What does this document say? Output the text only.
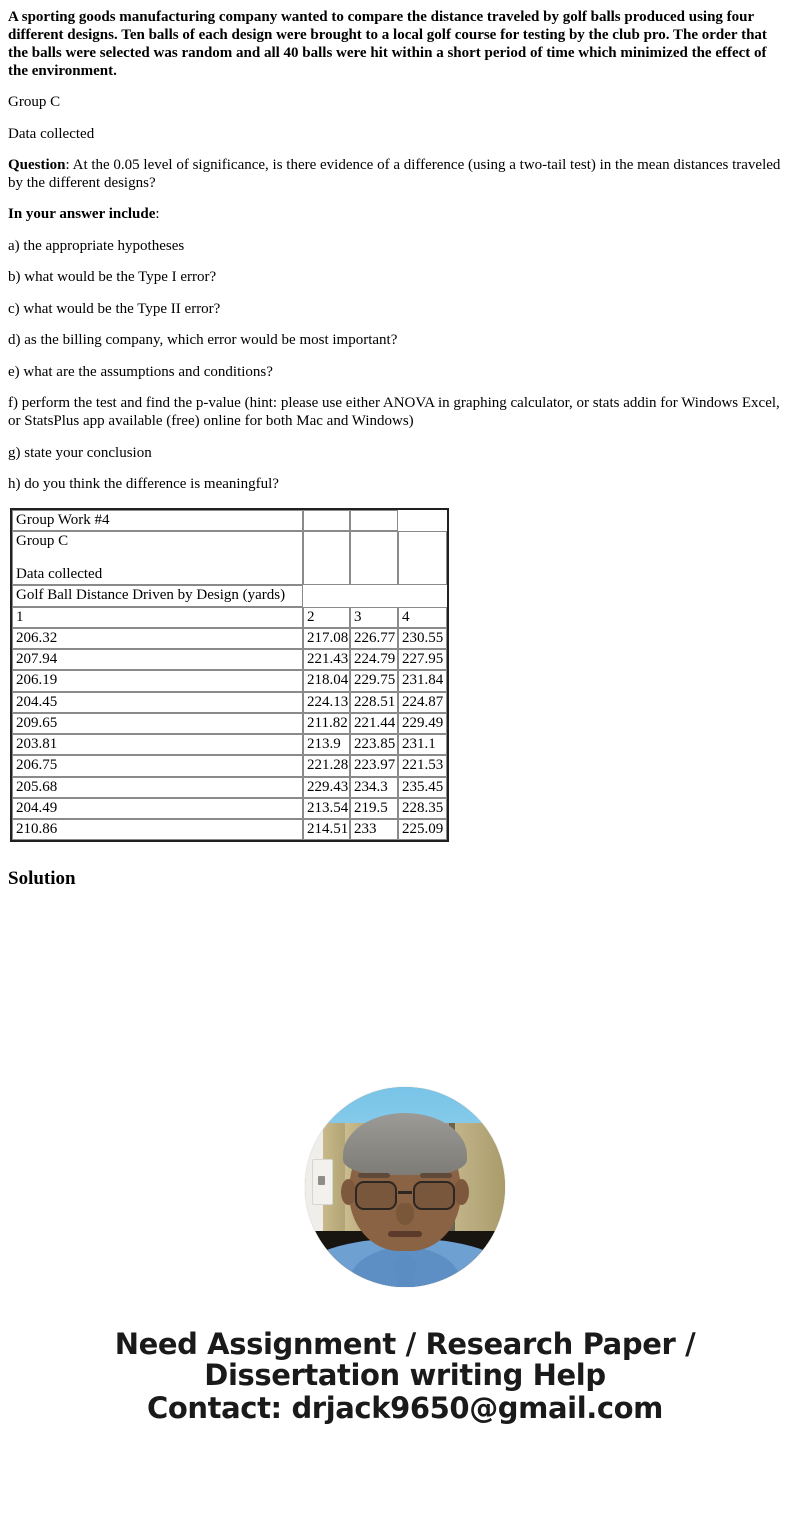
A sporting goods manufacturing company wanted to compare the distance traveled by golf balls produced using four different designs. Ten balls of each design were brought to a local golf course for testing by the club pro. The order that the balls were selected was random and all 40 balls were hit within a short period of time which minimized the effect of the environment.

Group C

Data collected

Question: At the 0.05 level of significance, is there evidence of a difference (using a two-tail test) in the mean distances traveled by the different designs?

In your answer include:

a) the appropriate hypotheses

b) what would be the Type I error?

c) what would be the Type II error?

d) as the billing company, which error would be most important?

e) what are the assumptions and conditions?

f) perform the test and find the p-value (hint: please use either ANOVA in graphing calculator, or stats addin for Windows Excel, or StatsPlus app available (free) online for both Mac and Windows)

g) state your conclusion

h) do you think the difference is meaningful?

Group Work #4			

Group C
Data collected			

Golf Ball Distance Driven by Design (yards)			
1	2	3	4
206.32	217.08	226.77	230.55
207.94	221.43	224.79	227.95
206.19	218.04	229.75	231.84
204.45	224.13	228.51	224.87
209.65	211.82	221.44	229.49
203.81	213.9	223.85	231.1
206.75	221.28	223.97	221.53
205.68	229.43	234.3	235.45
204.49	213.54	219.5	228.35
210.86	214.51	233	225.09
Solution
Need Assignment / Research Paper / Dissertation writing Help
Contact: drjack9650@gmail.com
